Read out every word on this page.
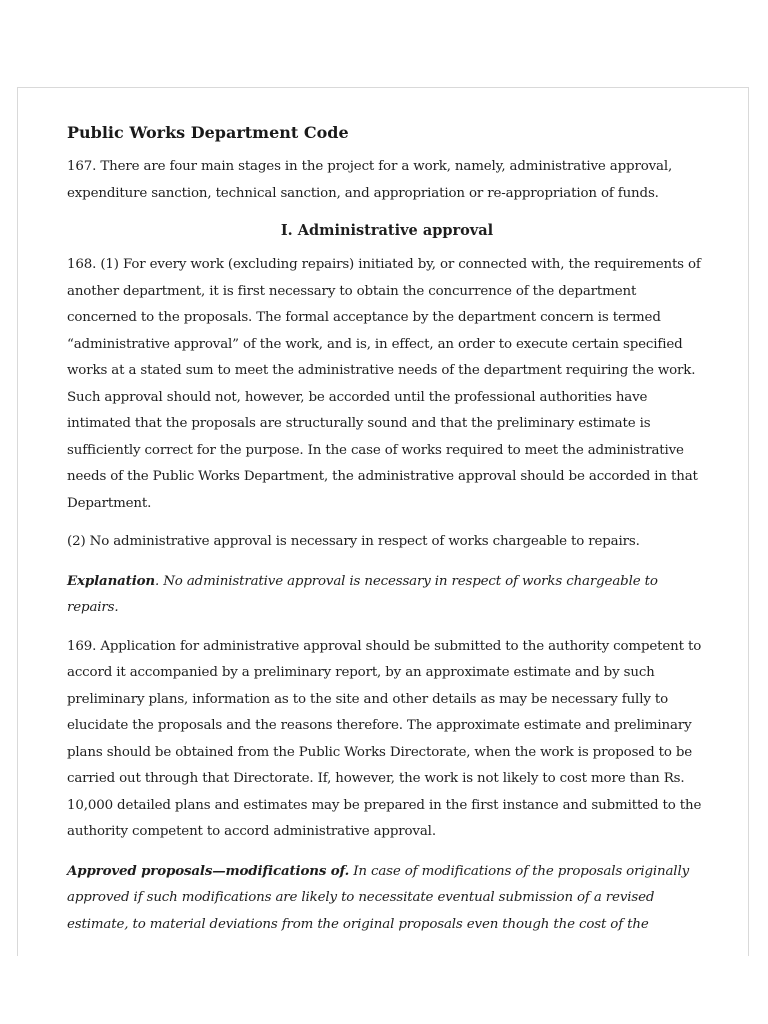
Public Works Department Code

167. There are four main stages in the project for a work, namely, administrative approval, expenditure sanction, technical sanction, and appropriation or re-appropriation of funds.

I. Administrative approval

168. (1) For every work (excluding repairs) initiated by, or connected with, the requirements of another department, it is first necessary to obtain the concurrence of the department concerned to the proposals. The formal acceptance by the department concern is termed “administrative approval” of the work, and is, in effect, an order to execute certain specified works at a stated sum to meet the administrative needs of the department requiring the work. Such approval should not, however, be accorded until the professional authorities have intimated that the proposals are structurally sound and that the preliminary estimate is sufficiently correct for the purpose. In the case of works required to meet the administrative needs of the Public Works Department, the administrative approval should be accorded in that Department.

(2) No administrative approval is necessary in respect of works chargeable to repairs.

Explanation. No administrative approval is necessary in respect of works chargeable to repairs.

169. Application for administrative approval should be submitted to the authority competent to accord it accompanied by a preliminary report, by an approximate estimate and by such preliminary plans, information as to the site and other details as may be necessary fully to elucidate the proposals and the reasons therefore. The approximate estimate and preliminary plans should be obtained from the Public Works Directorate, when the work is proposed to be carried out through that Directorate. If, however, the work is not likely to cost more than Rs. 10,000 detailed plans and estimates may be prepared in the first instance and submitted to the authority competent to accord administrative approval.

Approved proposals—modifications of. In case of modifications of the proposals originally approved if such modifications are likely to necessitate eventual submission of a revised estimate, to material deviations from the original proposals even though the cost of the
